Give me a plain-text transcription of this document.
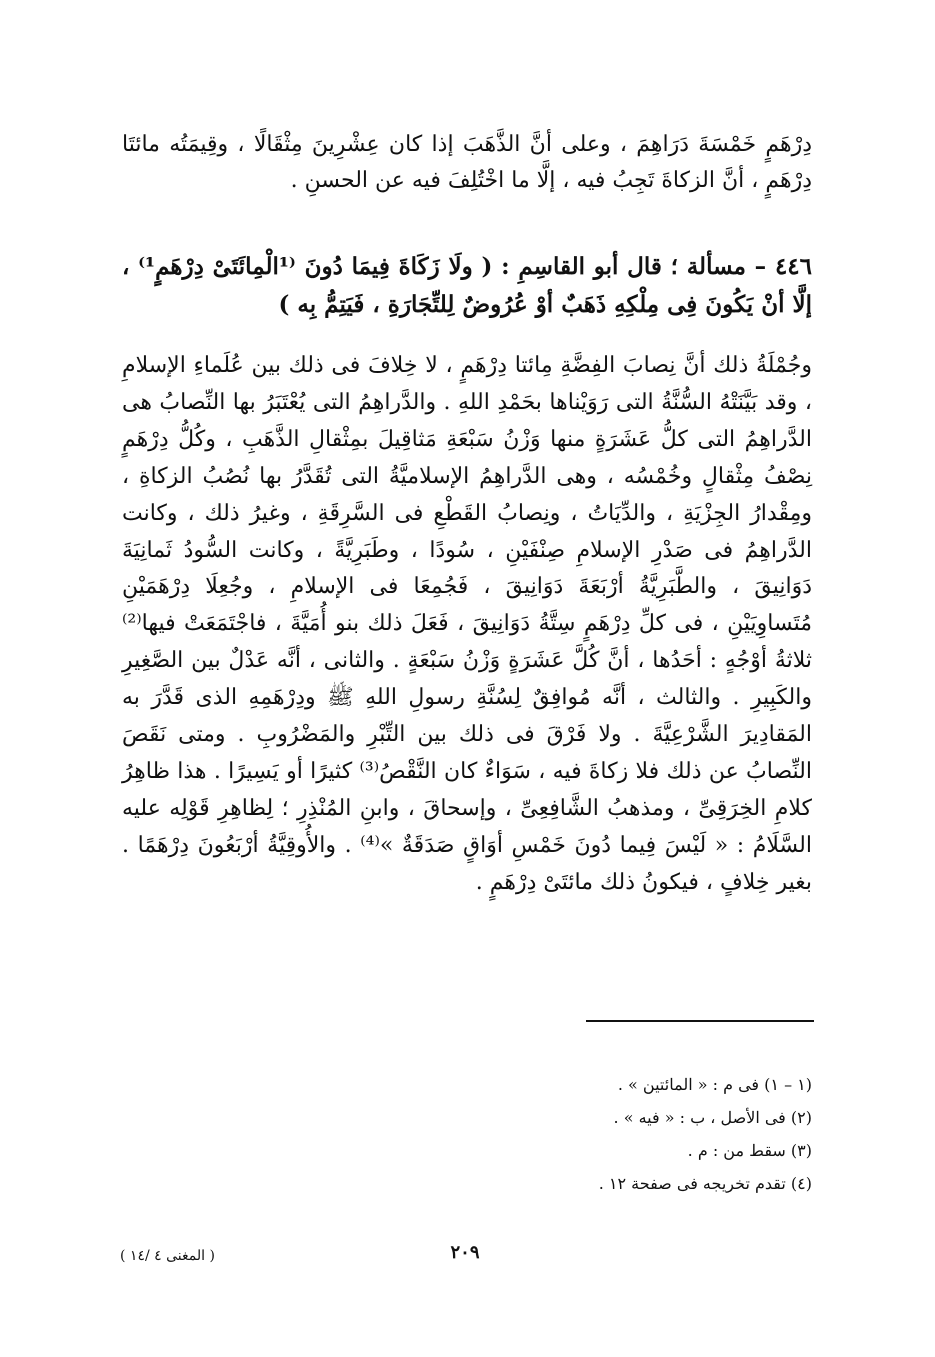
دِرْهَمٍ خَمْسَةَ دَرَاهِمَ ، وعلى أنَّ الذَّهَبَ إذا كان عِشْرِينَ مِثْقَالًا ، وقِيمَتُه مائتَا دِرْهَمٍ ، أنَّ الزكاةَ تَجِبُ فيه ، إلَّا ما اخْتُلِفَ فيه عن الحسنِ .

٤٤٦ – مسألة ؛ قال أبو القاسِمِ : ( ولَا زَكَاةَ فِيمَا دُونَ ⁽¹الْمِائَتَىْ دِرْهَمٍ¹⁾ ، إلَّا أنْ يَكُونَ فِى مِلْكِهِ ذَهَبٌ أوْ عُرُوضٌ لِلتِّجَارَةِ ، فَيَتِمُّ بِه )

وجُمْلَةُ ذلك أنَّ نِصابَ الفِضَّةِ مِائتا دِرْهَمٍ ، لا خِلافَ فى ذلك بين عُلَماءِ الإسلامِ ، وقد بَيَّنَتْهُ السُّنَّةُ التى رَوَيْناها بحَمْدِ اللهِ . والدَّراهِمُ التى يُعْتَبَرُ بها النِّصابُ هى الدَّراهِمُ التى كلُّ عَشَرَةٍ منها وَزْنُ سَبْعَةِ مَثاقِيلَ بمِثْقالِ الذَّهَبِ ، وكُلُّ دِرْهَمٍ نِصْفُ مِثْقالٍ وخُمْسُه ، وهى الدَّراهِمُ الإسلاميَّةُ التى تُقَدَّرُ بها نُصُبُ الزكاةِ ، ومِقْدارُ الجِزْيَةِ ، والدِّيَاتُ ، ونِصابُ القَطْعِ فى السَّرِقَةِ ، وغيرُ ذلك ، وكانت الدَّراهِمُ فى صَدْرِ الإسلامِ صِنْفَيْنِ ، سُودًا ، وطَبَرِيَّةً ، وكانت السُّودُ ثَمانِيَةَ دَوَانِيقَ ، والطَّبَرِيَّةُ أرْبَعَةَ دَوَانِيقَ ، فَجُمِعَا فى الإسلامِ ، وجُعِلَا دِرْهَمَيْنِ مُتَساوِيَيْنِ ، فى كلِّ دِرْهَمٍ سِتَّةُ دَوَانِيقَ ، فَعَلَ ذلك بنو أُمَيَّةَ ، فاجْتَمَعَتْ فيها⁽²⁾ ثلاثةُ أوْجُهٍ : أحَدُها ، أنَّ كُلَّ عَشَرَةٍ وَزْنُ سَبْعَةٍ . والثانى ، أنَّه عَدْلٌ بين الصَّغِيرِ والكَبِيرِ . والثالث ، أنَّه مُوافِقٌ لِسُنَّةِ رسولِ اللهِ ﷺ ودِرْهَمِهِ الذى قَدَّرَ به المَقادِيرَ الشَّرْعِيَّةَ . ولا فَرْقَ فى ذلك بين التِّبْرِ والمَضْرُوبِ . ومتى نَقَصَ النِّصابُ عن ذلك فلا زكاةَ فيه ، سَوَاءٌ كان النَّقْصُ⁽³⁾ كثيرًا أو يَسِيرًا . هذا ظاهِرُ كلامِ الخِرَقِىِّ ، ومذهبُ الشَّافِعِىِّ ، وإسحاقَ ، وابنِ المُنْذِرِ ؛ لِظاهِرِ قَوْلِه عليه السَّلَامُ : « لَيْسَ فِيما دُونَ خَمْسِ أوَاقٍ صَدَقَةٌ »⁽⁴⁾ . والأُوقِيَّةُ أرْبَعُونَ دِرْهَمًا . بغير خِلافٍ ، فيكونُ ذلك مائتَىْ دِرْهَمٍ .

(١ – ١) فى م : « المائتين » .
(٢) فى الأصل ، ب : « فيه » .
(٣) سقط من : م .
(٤) تقدم تخريجه فى صفحة ١٢ .
٢٠٩
( المغنى ٤ /١٤ )
